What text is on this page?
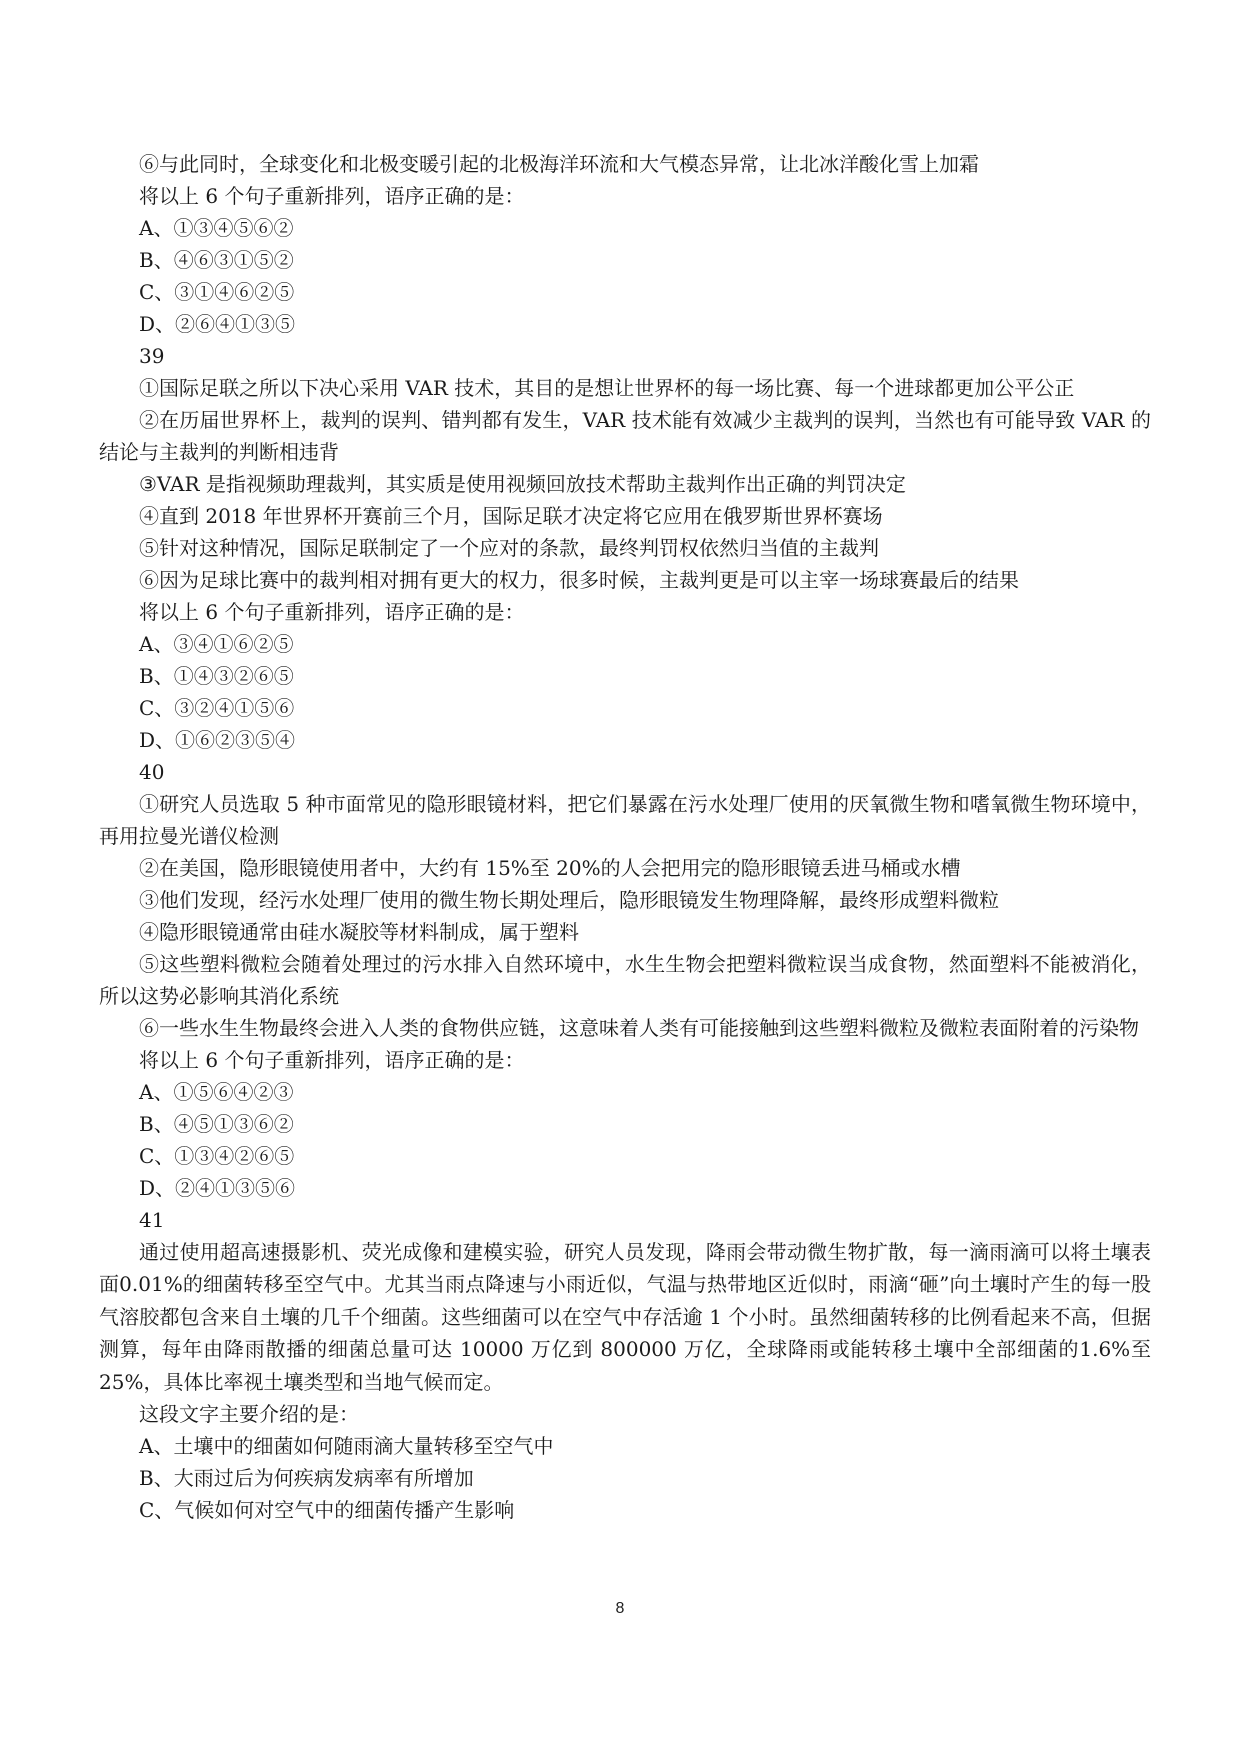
⑥与此同时，全球变化和北极变暖引起的北极海洋环流和大气模态异常，让北冰洋酸化雪上加霜
将以上 6 个句子重新排列，语序正确的是：
A、①③④⑤⑥②
B、④⑥③①⑤②
C、③①④⑥②⑤
D、②⑥④①③⑤
39
①国际足联之所以下决心采用 VAR 技术，其目的是想让世界杯的每一场比赛、每一个进球都更加公平公正
②在历届世界杯上，裁判的误判、错判都有发生，VAR 技术能有效减少主裁判的误判，当然也有可能导致 VAR 的结论与主裁判的判断相违背
③VAR 是指视频助理裁判，其实质是使用视频回放技术帮助主裁判作出正确的判罚决定
④直到 2018 年世界杯开赛前三个月，国际足联才决定将它应用在俄罗斯世界杯赛场
⑤针对这种情况，国际足联制定了一个应对的条款，最终判罚权依然归当值的主裁判
⑥因为足球比赛中的裁判相对拥有更大的权力，很多时候，主裁判更是可以主宰一场球赛最后的结果
将以上 6 个句子重新排列，语序正确的是：
A、③④①⑥②⑤
B、①④③②⑥⑤
C、③②④①⑤⑥
D、①⑥②③⑤④
40
①研究人员选取 5 种市面常见的隐形眼镜材料，把它们暴露在污水处理厂使用的厌氧微生物和嗜氧微生物环境中，再用拉曼光谱仪检测
②在美国，隐形眼镜使用者中，大约有 15%至 20%的人会把用完的隐形眼镜丢进马桶或水槽
③他们发现，经污水处理厂使用的微生物长期处理后，隐形眼镜发生物理降解，最终形成塑料微粒
④隐形眼镜通常由硅水凝胶等材料制成，属于塑料
⑤这些塑料微粒会随着处理过的污水排入自然环境中，水生生物会把塑料微粒误当成食物，然面塑料不能被消化，所以这势必影响其消化系统
⑥一些水生生物最终会进入人类的食物供应链，这意味着人类有可能接触到这些塑料微粒及微粒表面附着的污染物
将以上 6 个句子重新排列，语序正确的是：
A、①⑤⑥④②③
B、④⑤①③⑥②
C、①③④②⑥⑤
D、②④①③⑤⑥
41
通过使用超高速摄影机、荧光成像和建模实验，研究人员发现，降雨会带动微生物扩散，每一滴雨滴可以将土壤表面0.01%的细菌转移至空气中。尤其当雨点降速与小雨近似，气温与热带地区近似时，雨滴“砸”向土壤时产生的每一股气溶胶都包含来自土壤的几千个细菌。这些细菌可以在空气中存活逾 1 个小时。虽然细菌转移的比例看起来不高，但据测算，每年由降雨散播的细菌总量可达 10000 万亿到 800000 万亿，全球降雨或能转移土壤中全部细菌的1.6%至25%，具体比率视土壤类型和当地气候而定。
这段文字主要介绍的是：
A、土壤中的细菌如何随雨滴大量转移至空气中
B、大雨过后为何疾病发病率有所增加
C、气候如何对空气中的细菌传播产生影响
8
